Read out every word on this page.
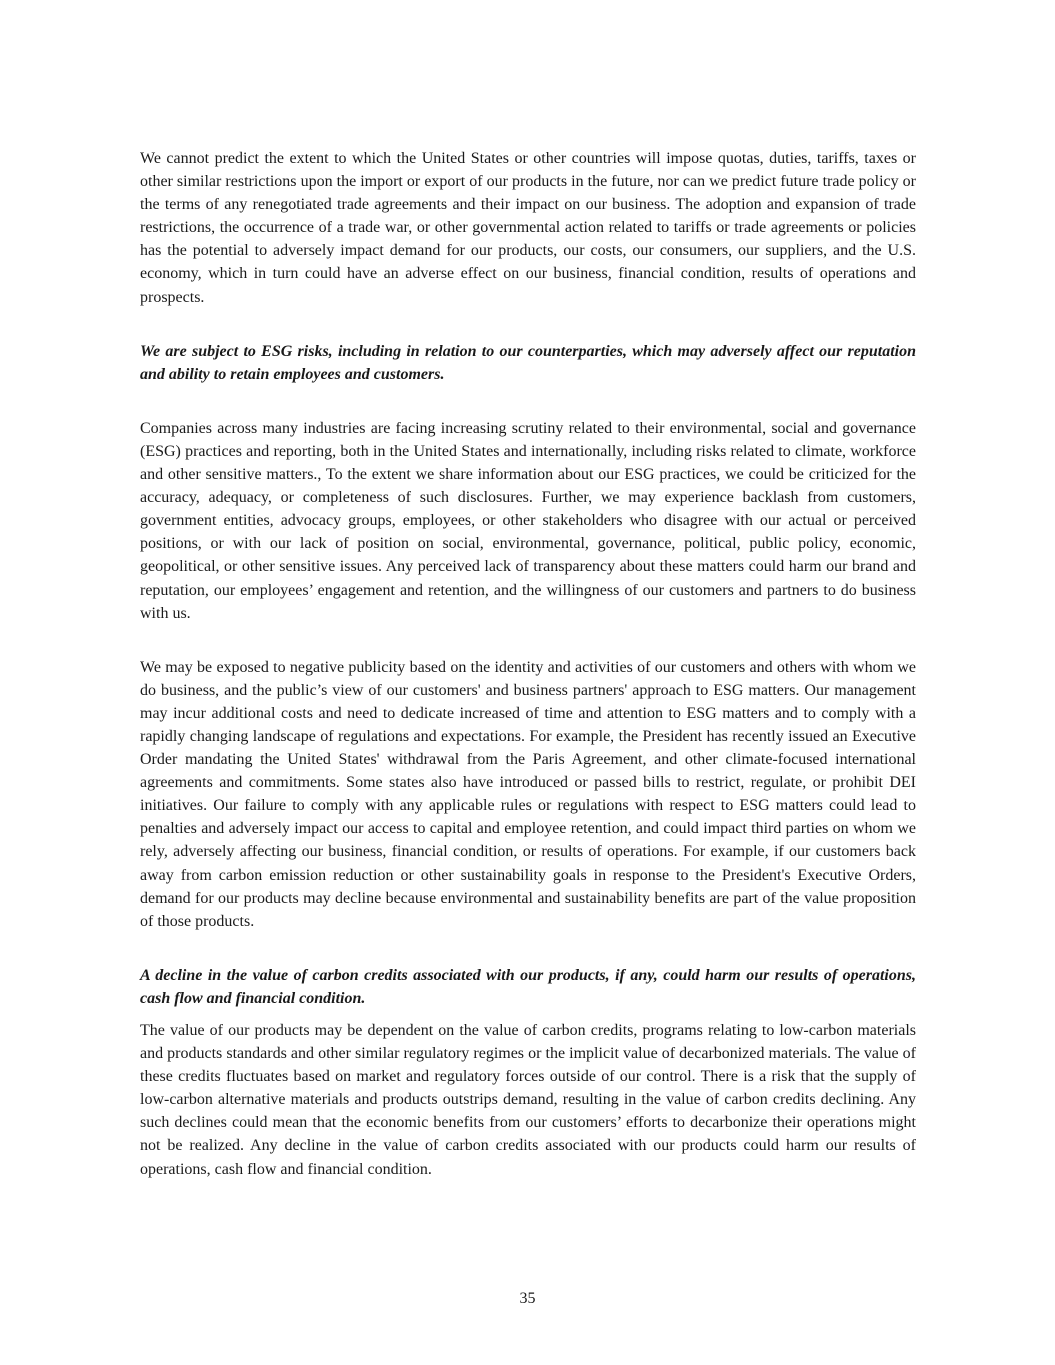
We cannot predict the extent to which the United States or other countries will impose quotas, duties, tariffs, taxes or other similar restrictions upon the import or export of our products in the future, nor can we predict future trade policy or the terms of any renegotiated trade agreements and their impact on our business. The adoption and expansion of trade restrictions, the occurrence of a trade war, or other governmental action related to tariffs or trade agreements or policies has the potential to adversely impact demand for our products, our costs, our consumers, our suppliers, and the U.S. economy, which in turn could have an adverse effect on our business, financial condition, results of operations and prospects.

We are subject to ESG risks, including in relation to our counterparties, which may adversely affect our reputation and ability to retain employees and customers.

Companies across many industries are facing increasing scrutiny related to their environmental, social and governance (ESG) practices and reporting, both in the United States and internationally, including risks related to climate, workforce and other sensitive matters., To the extent we share information about our ESG practices, we could be criticized for the accuracy, adequacy, or completeness of such disclosures. Further, we may experience backlash from customers, government entities, advocacy groups, employees, or other stakeholders who disagree with our actual or perceived positions, or with our lack of position on social, environmental, governance, political, public policy, economic, geopolitical, or other sensitive issues. Any perceived lack of transparency about these matters could harm our brand and reputation, our employees’ engagement and retention, and the willingness of our customers and partners to do business with us.

We may be exposed to negative publicity based on the identity and activities of our customers and others with whom we do business, and the public’s view of our customers' and business partners' approach to ESG matters. Our management may incur additional costs and need to dedicate increased of time and attention to ESG matters and to comply with a rapidly changing landscape of regulations and expectations. For example, the President has recently issued an Executive Order mandating the United States' withdrawal from the Paris Agreement, and other climate-focused international agreements and commitments. Some states also have introduced or passed bills to restrict, regulate, or prohibit DEI initiatives. Our failure to comply with any applicable rules or regulations with respect to ESG matters could lead to penalties and adversely impact our access to capital and employee retention, and could impact third parties on whom we rely, adversely affecting our business, financial condition, or results of operations. For example, if our customers back away from carbon emission reduction or other sustainability goals in response to the President's Executive Orders, demand for our products may decline because environmental and sustainability benefits are part of the value proposition of those products.

A decline in the value of carbon credits associated with our products, if any, could harm our results of operations, cash flow and financial condition.

The value of our products may be dependent on the value of carbon credits, programs relating to low-carbon materials and products standards and other similar regulatory regimes or the implicit value of decarbonized materials. The value of these credits fluctuates based on market and regulatory forces outside of our control. There is a risk that the supply of low-carbon alternative materials and products outstrips demand, resulting in the value of carbon credits declining. Any such declines could mean that the economic benefits from our customers’ efforts to decarbonize their operations might not be realized. Any decline in the value of carbon credits associated with our products could harm our results of operations, cash flow and financial condition.

35
